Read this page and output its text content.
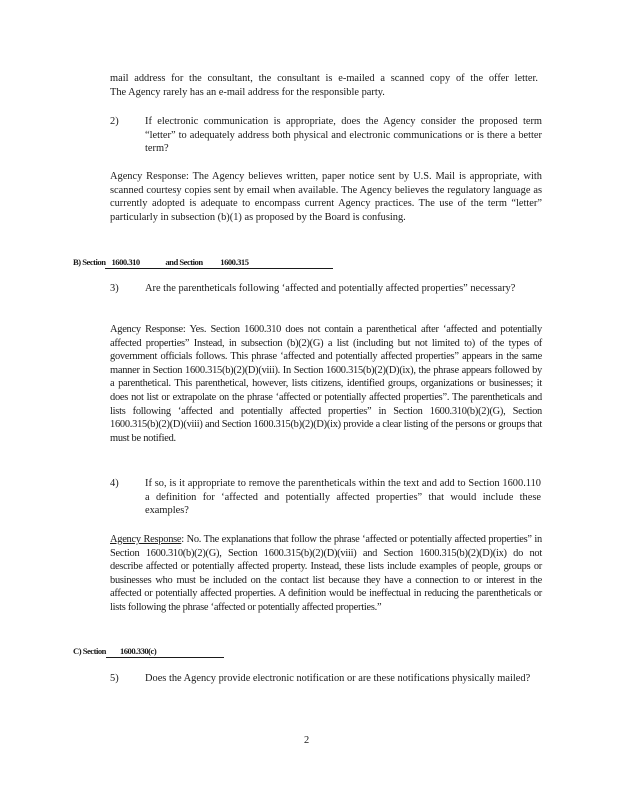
mail address for the consultant, the consultant is e-mailed a scanned copy of the offer letter.
The Agency rarely has an e-mail address for the responsible party.
2)	If electronic communication is appropriate, does the Agency consider the proposed term “letter” to adequately address both physical and electronic communications or is there a better term?
Agency Response: The Agency believes written, paper notice sent by U.S. Mail is appropriate, with scanned courtesy copies sent by email when available. The Agency believes the regulatory language as currently adopted is adequate to encompass current Agency practices. The use of the term “letter” particularly in subsection (b)(1) as proposed by the Board is confusing.
B) Section 1600.310	and Section 1600.315
3)	Are the parentheticals following ‘affected and potentially affected properties” necessary?
Agency Response: Yes. Section 1600.310 does not contain a parenthetical after ‘affected and potentially affected properties” Instead, in subsection (b)(2)(G) a list (including but not limited to) of the types of government officials follows. This phrase ‘affected and potentially affected properties” appears in the same manner in Section 1600.315(b)(2)(D)(viii). In Section 1600.315(b)(2)(D)(ix), the phrase appears followed by a parenthetical. This parenthetical, however, lists citizens, identified groups, organizations or businesses; it does not list or extrapolate on the phrase ‘affected or potentially affected properties”. The parentheticals and lists following ‘affected and potentially affected properties” in Section 1600.310(b)(2)(G), Section 1600.315(b)(2)(D)(viii) and Section 1600.315(b)(2)(D)(ix) provide a clear listing of the persons or groups that must be notified.
4)	If so, is it appropriate to remove the parentheticals within the text and add to Section 1600.110 a definition for ‘affected and potentially affected properties” that would include these examples?
Agency Response: No. The explanations that follow the phrase ‘affected or potentially affected properties” in Section 1600.310(b)(2)(G), Section 1600.315(b)(2)(D)(viii) and Section 1600.315(b)(2)(D)(ix) do not describe affected or potentially affected property. Instead, these lists include examples of people, groups or businesses who must be included on the contact list because they have a connection to or interest in the affected or potentially affected properties. A definition would be ineffectual in reducing the parentheticals or lists following the phrase ‘affected or potentially affected properties.”
C) Section 1600.330(c)
5)	Does the Agency provide electronic notification or are these notifications physically mailed?
2
